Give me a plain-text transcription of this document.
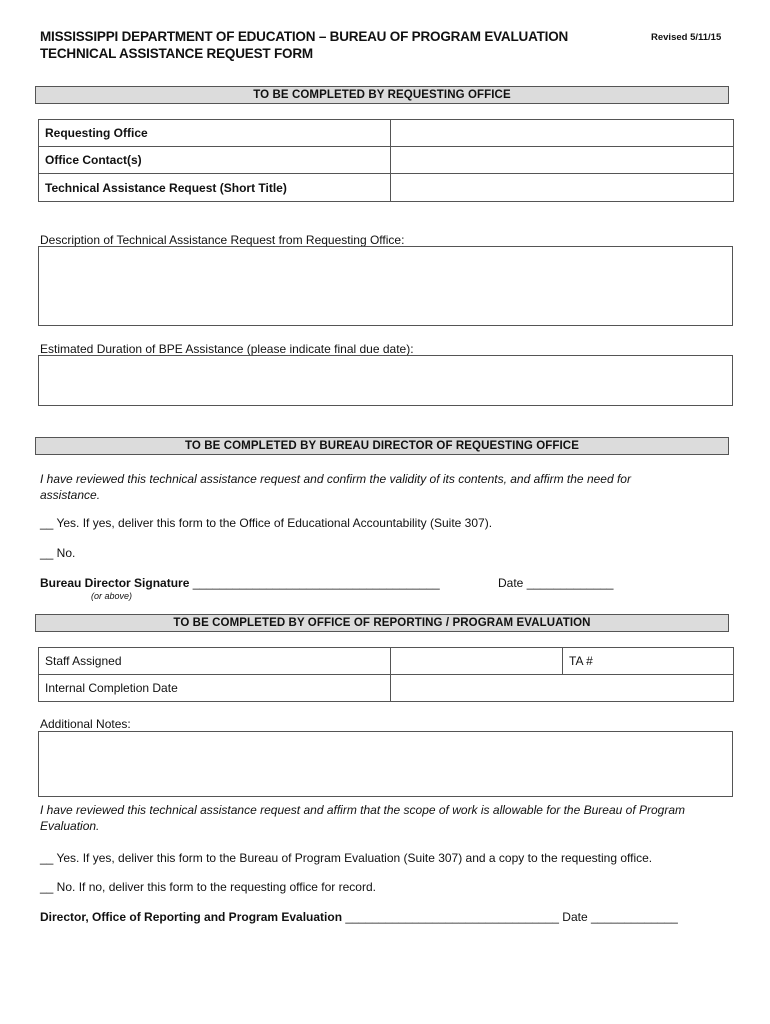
MISSISSIPPI DEPARTMENT OF EDUCATION – BUREAU OF PROGRAM EVALUATION
TECHNICAL ASSISTANCE REQUEST FORM
Revised 5/11/15
TO BE COMPLETED BY REQUESTING OFFICE
Requesting Office	
Office Contact(s)	
Technical Assistance Request (Short Title)	
Description of Technical Assistance Request from Requesting Office:
Estimated Duration of BPE Assistance (please indicate final due date):
TO BE COMPLETED BY BUREAU DIRECTOR OF REQUESTING OFFICE
I have reviewed this technical assistance request and confirm the validity of its contents, and affirm the need for
assistance.
__ Yes. If yes, deliver this form to the Office of Educational Accountability (Suite 307).
__ No.
Bureau Director Signature _____________________________________	Date _____________
(or above)
TO BE COMPLETED BY OFFICE OF REPORTING / PROGRAM EVALUATION
Staff Assigned		TA #
Internal Completion Date		
Additional Notes:
I have reviewed this technical assistance request and affirm that the scope of work is allowable for the Bureau of Program
Evaluation.
__ Yes. If yes, deliver this form to the Bureau of Program Evaluation (Suite 307) and a copy to the requesting office.
__ No. If no, deliver this form to the requesting office for record.
Director, Office of Reporting and Program Evaluation ________________________________ Date _____________
